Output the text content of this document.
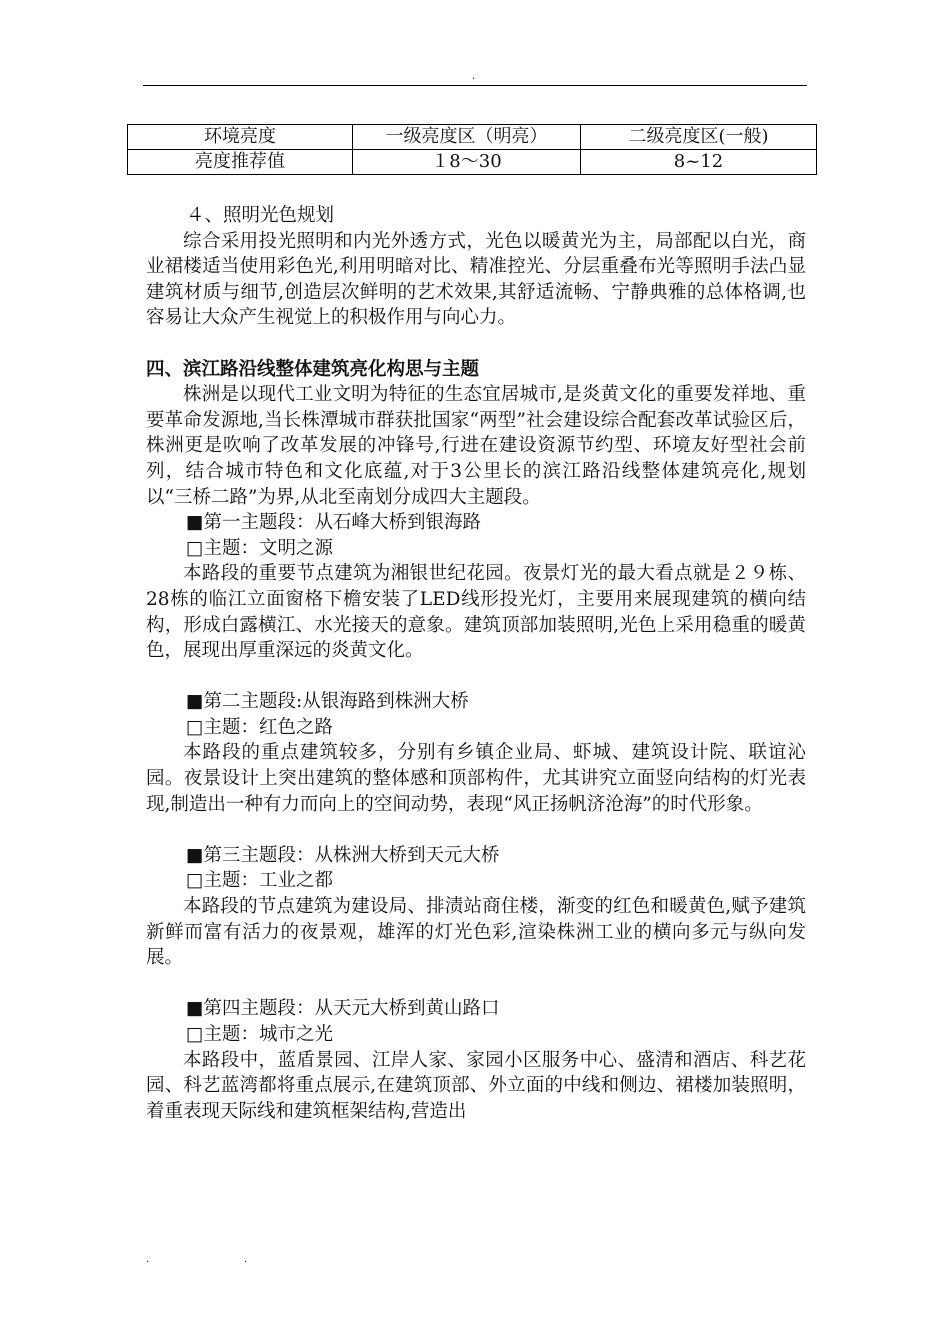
.
环境亮度	一级亮度区（明亮）	二级亮度区(一般)
亮度推荐值	１8～30	8~12

４、照明光色规划

综合采用投光照明和内光外透方式，光色以暖黄光为主，局部配以白光，商业裙楼适当使用彩色光,利用明暗对比、精准控光、分层重叠布光等照明手法凸显建筑材质与细节,创造层次鲜明的艺术效果,其舒适流畅、宁静典雅的总体格调,也容易让大众产生视觉上的积极作用与向心力。

四、滨江路沿线整体建筑亮化构思与主题

株洲是以现代工业文明为特征的生态宜居城市,是炎黄文化的重要发祥地、重要革命发源地,当长株潭城市群获批国家“两型”社会建设综合配套改革试验区后，株洲更是吹响了改革发展的冲锋号,行进在建设资源节约型、环境友好型社会前列，结合城市特色和文化底蕴,对于3公里长的滨江路沿线整体建筑亮化,规划以“三桥二路”为界,从北至南划分成四大主题段。

■第一主题段：从石峰大桥到银海路

□主题：文明之源

本路段的重要节点建筑为湘银世纪花园。夜景灯光的最大看点就是２９栋、28栋的临江立面窗格下檐安装了LED线形投光灯，主要用来展现建筑的横向结构，形成白露横江、水光接天的意象。建筑顶部加装照明,光色上采用稳重的暖黄色，展现出厚重深远的炎黄文化。

■第二主题段:从银海路到株洲大桥

□主题：红色之路

本路段的重点建筑较多，分别有乡镇企业局、虾城、建筑设计院、联谊沁园。夜景设计上突出建筑的整体感和顶部构件，尤其讲究立面竖向结构的灯光表现,制造出一种有力而向上的空间动势，表现“风正扬帆济沧海”的时代形象。

■第三主题段：从株洲大桥到天元大桥

□主题：工业之都

本路段的节点建筑为建设局、排渍站商住楼，渐变的红色和暖黄色,赋予建筑新鲜而富有活力的夜景观，雄浑的灯光色彩,渲染株洲工业的横向多元与纵向发展。

■第四主题段：从天元大桥到黄山路口

□主题：城市之光

本路段中，蓝盾景园、江岸人家、家园小区服务中心、盛清和酒店、科艺花园、科艺蓝湾都将重点展示,在建筑顶部、外立面的中线和侧边、裙楼加装照明，着重表现天际线和建筑框架结构,营造出

.	.
